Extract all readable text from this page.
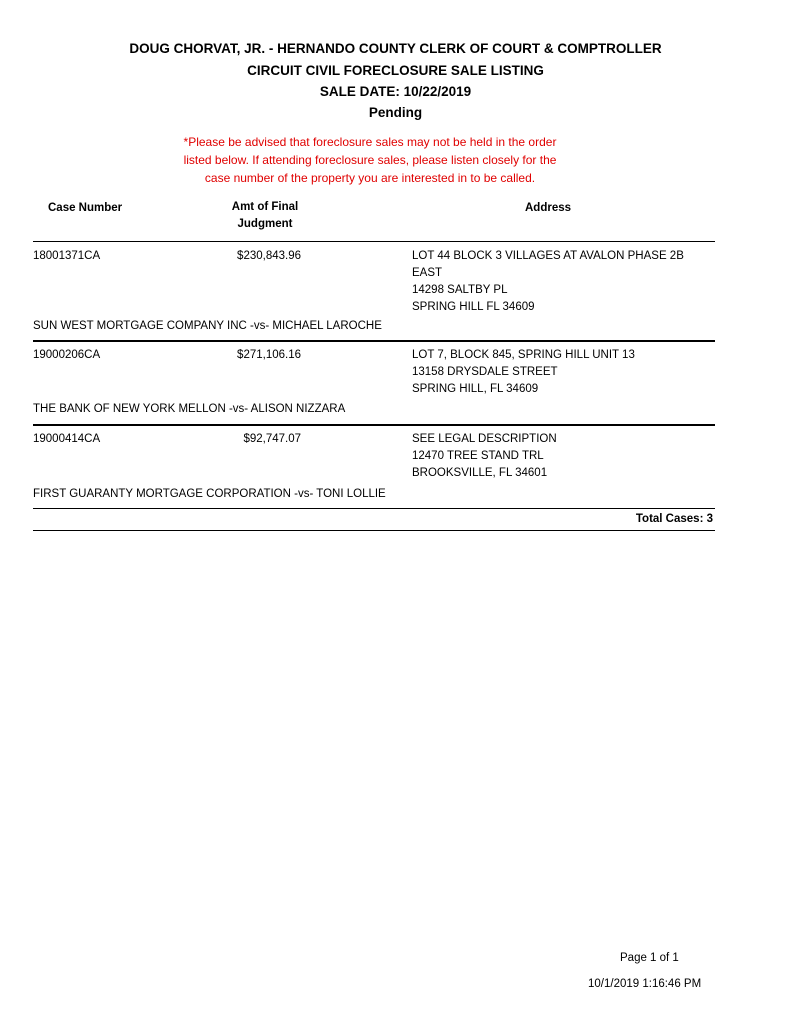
DOUG CHORVAT, JR. - HERNANDO COUNTY CLERK OF COURT & COMPTROLLER
CIRCUIT CIVIL FORECLOSURE SALE LISTING
SALE DATE: 10/22/2019
Pending
*Please be advised that foreclosure sales may not be held in the order
listed below. If attending foreclosure sales, please listen closely for the
case number of the property you are interested in to be called.
Case Number	Amt of Final
Judgment
Address
18001371CA	$230,843.96	LOT 44 BLOCK 3 VILLAGES AT AVALON PHASE 2B EAST
14298 SALTBY PL
SPRING HILL FL 34609
SUN WEST MORTGAGE COMPANY INC -vs- MICHAEL LAROCHE
19000206CA	$271,106.16	LOT 7, BLOCK 845, SPRING HILL UNIT 13
13158 DRYSDALE STREET
SPRING HILL, FL 34609
THE BANK OF NEW YORK MELLON -vs- ALISON NIZZARA
19000414CA	$92,747.07	SEE LEGAL DESCRIPTION
12470 TREE STAND TRL
BROOKSVILLE, FL 34601
FIRST GUARANTY MORTGAGE CORPORATION -vs- TONI LOLLIE
Total Cases: 3
Page 1 of 1
10/1/2019 1:16:46 PM
